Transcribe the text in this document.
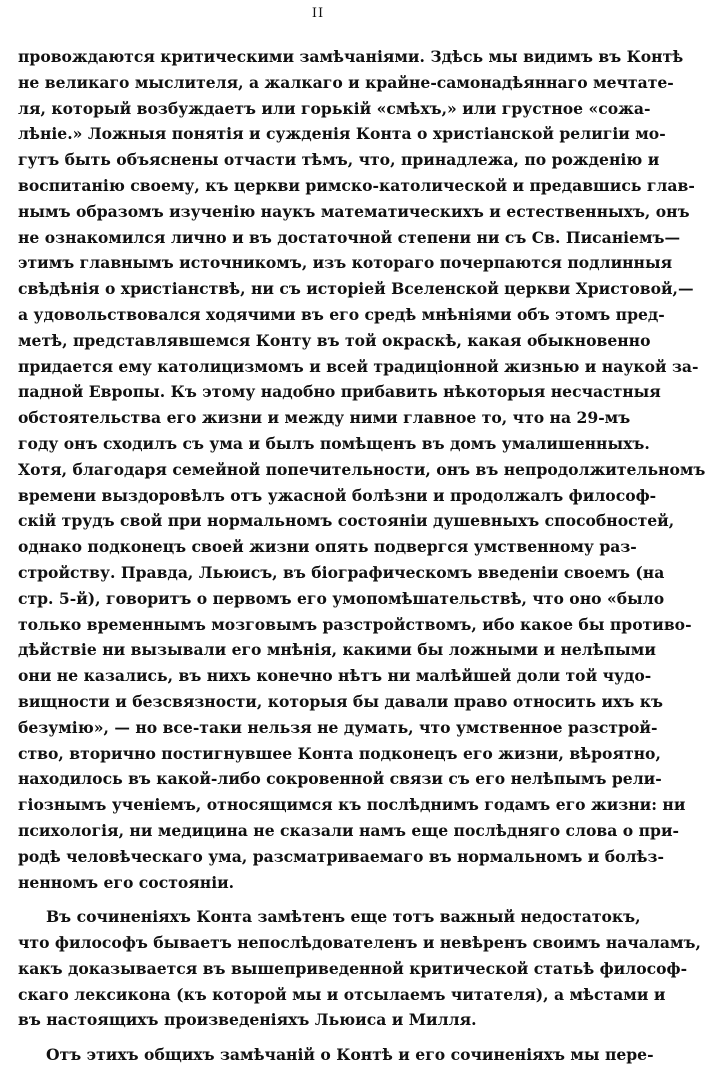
II
провождаются критическими замѣчаніями. Здѣсь мы видимъ въ Контѣ
не великаго мыслителя, а жалкаго и крайне-самонадѣяннаго мечтате-
ля, который возбуждаетъ или горькій «смѣхъ,» или грустное «сожа-
лѣніе.» Ложныя понятія и сужденія Конта о христіанской религіи мо-
гутъ быть объяснены отчасти тѣмъ, что, принадлежа, по рожденію и
воспитанію своему, къ церкви римско-католической и предавшись глав-
нымъ образомъ изученію наукъ математическихъ и естественныхъ, онъ
не ознакомился лично и въ достаточной степени ни съ Св. Писаніемъ—
этимъ главнымъ источникомъ, изъ котораго почерпаются подлинныя
свѣдѣнія о христіанствѣ, ни съ исторіей Вселенской церкви Христовой,—
а удовольствовался ходячими въ его средѣ мнѣніями объ этомъ пред-
метѣ, представлявшемся Конту въ той окраскѣ, какая обыкновенно
придается ему католицизмомъ и всей традиціонной жизнью и наукой за-
падной Европы. Къ этому надобно прибавить нѣкоторыя несчастныя
обстоятельства его жизни и между ними главное то, что на 29-мъ
году онъ сходилъ съ ума и былъ помѣщенъ въ домъ умалишенныхъ.
Хотя, благодаря семейной попечительности, онъ въ непродолжительномъ
времени выздоровѣлъ отъ ужасной болѣзни и продолжалъ философ-
скій трудъ свой при нормальномъ состояніи душевныхъ способностей,
однако подконецъ своей жизни опять подвергся умственному раз-
стройству. Правда, Льюисъ, въ біографическомъ введеніи своемъ (на
стр. 5-й), говоритъ о первомъ его умопомѣшательствѣ, что оно «было
только временнымъ мозговымъ разстройствомъ, ибо какое бы противо-
дѣйствіе ни вызывали его мнѣнія, какими бы ложными и нелѣпыми
они не казались, въ нихъ конечно нѣтъ ни малѣйшей доли той чудо-
вищности и безсвязности, которыя бы давали право относить ихъ къ
безумію», — но все-таки нельзя не думать, что умственное разстрой-
ство, вторично постигнувшее Конта подконецъ его жизни, вѣроятно,
находилось въ какой-либо сокровенной связи съ его нелѣпымъ рели-
гіознымъ ученіемъ, относящимся къ послѣднимъ годамъ его жизни: ни
психологія, ни медицина не сказали намъ еще послѣдняго слова о при-
родѣ человѣческаго ума, разсматриваемаго въ нормальномъ и болѣз-
ненномъ его состояніи.
Въ сочиненіяхъ Конта замѣтенъ еще тотъ важный недостатокъ,
что философъ бываетъ непослѣдователенъ и невѣренъ своимъ началамъ,
какъ доказывается въ вышеприведенной критической статьѣ философ-
скаго лексикона (къ которой мы и отсылаемъ читателя), а мѣстами и
въ настоящихъ произведеніяхъ Льюиса и Милля.
Отъ этихъ общихъ замѣчаній о Контѣ и его сочиненіяхъ мы пере-
